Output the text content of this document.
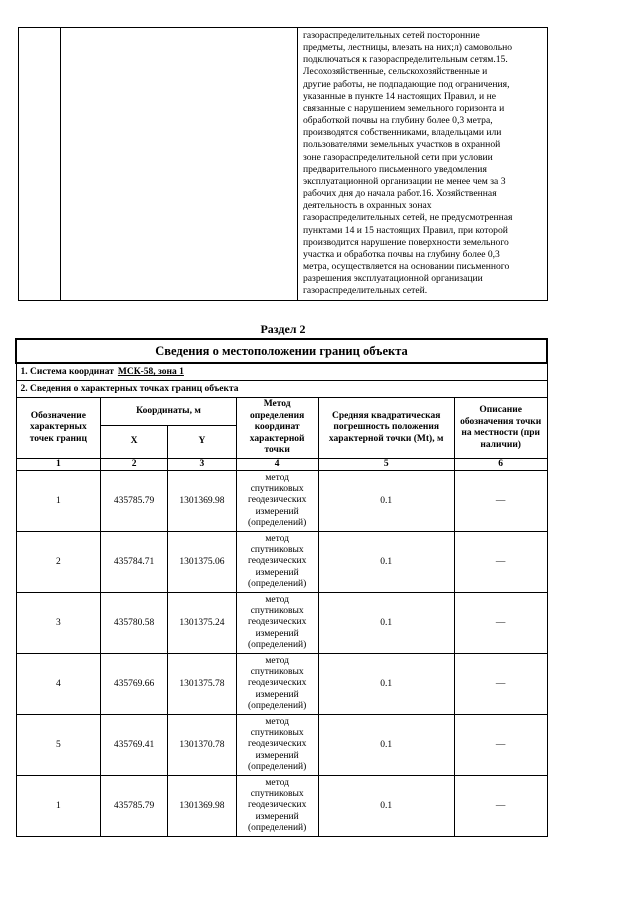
газораспределительных сетей посторонние
предметы, лестницы, влезать на них;л) самовольно
подключаться к газораспределительным сетям.15.
Лесохозяйственные, сельскохозяйственные и
другие работы, не подпадающие под ограничения,
указанные в пункте 14 настоящих Правил, и не
связанные с нарушением земельного горизонта и
обработкой почвы на глубину более 0,3 метра,
производятся собственниками, владельцами или
пользователями земельных участков в охранной
зоне газораспределительной сети при условии
предварительного письменного уведомления
эксплуатационной организации не менее чем за 3
рабочих дня до начала работ.16. Хозяйственная
деятельность в охранных зонах
газораспределительных сетей, не предусмотренная
пунктами 14 и 15 настоящих Правил, при которой
производится нарушение поверхности земельного
участка и обработка почвы на глубину более 0,3
метра, осуществляется на основании письменного
разрешения эксплуатационной организации
газораспределительных сетей.
Раздел 2
Сведения о местоположении границ объекта					
1. Система координат МСК-58, зона 1					
2. Сведения о характерных точках границ объекта					
Обозначение характерных точек границ	Координаты, м		Метод определения координат характерной точки	Средняя квадратическая погрешность положения характерной точки (Mt), м	Описание обозначения точки на местности (при наличии)
	X	Y			
1	2	3	4	5	6
1	435785.79	1301369.98	метод
спутниковых
геодезических
измерений
(определений)	0.1	—
2	435784.71	1301375.06	метод
спутниковых
геодезических
измерений
(определений)	0.1	—
3	435780.58	1301375.24	метод
спутниковых
геодезических
измерений
(определений)	0.1	—
4	435769.66	1301375.78	метод
спутниковых
геодезических
измерений
(определений)	0.1	—
5	435769.41	1301370.78	метод
спутниковых
геодезических
измерений
(определений)	0.1	—
1	435785.79	1301369.98	метод
спутниковых
геодезических
измерений
(определений)	0.1	—
